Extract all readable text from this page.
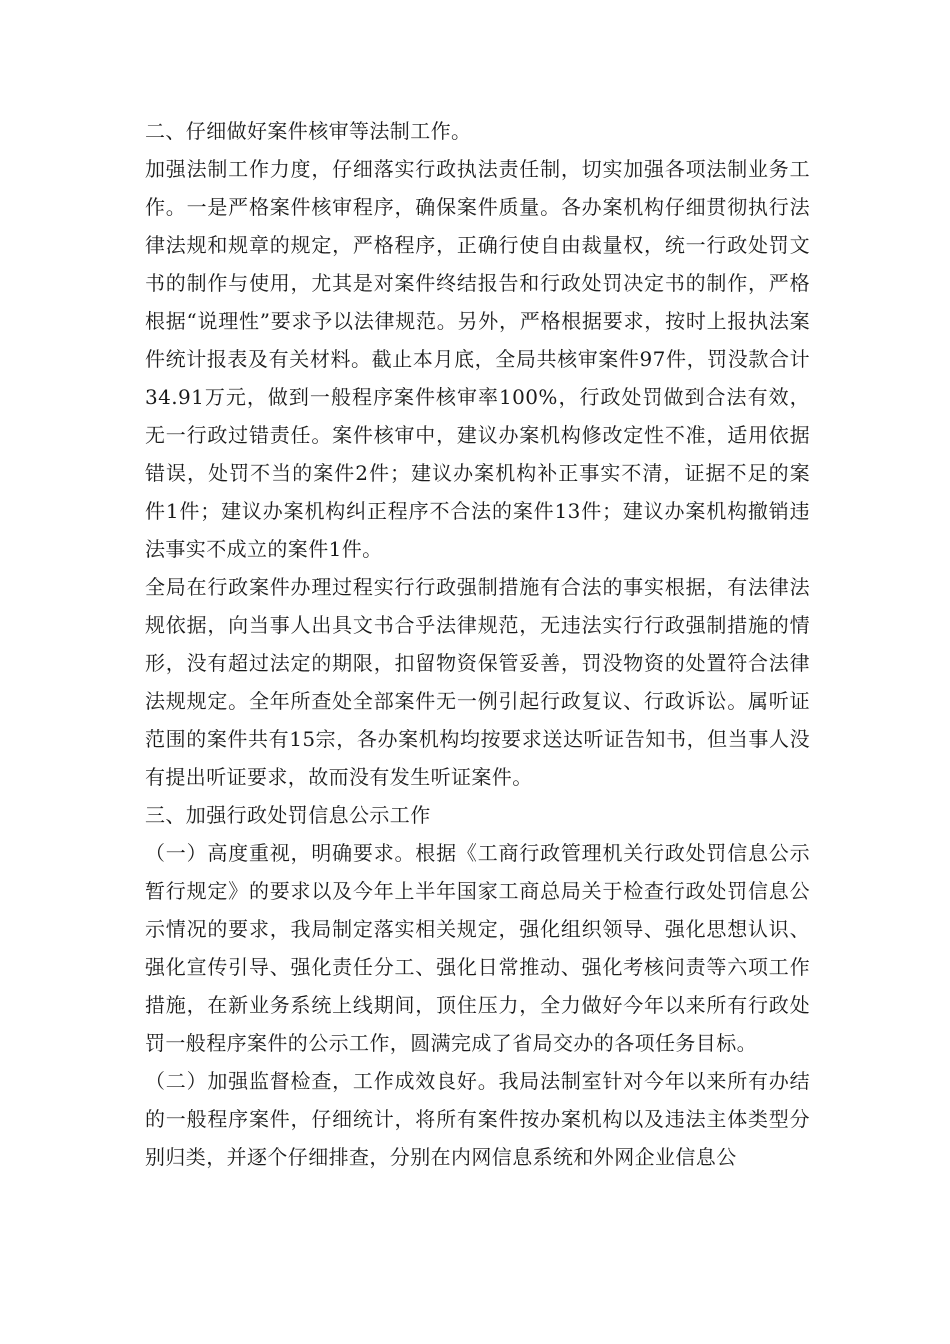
二、仔细做好案件核审等法制工作。

加强法制工作力度，仔细落实行政执法责任制，切实加强各项法制业务工作。一是严格案件核审程序，确保案件质量。各办案机构仔细贯彻执行法律法规和规章的规定，严格程序，正确行使自由裁量权，统一行政处罚文书的制作与使用，尤其是对案件终结报告和行政处罚决定书的制作，严格根据“说理性”要求予以法律规范。另外，严格根据要求，按时上报执法案件统计报表及有关材料。截止本月底，全局共核审案件97件，罚没款合计34.91万元，做到一般程序案件核审率100%，行政处罚做到合法有效，无一行政过错责任。案件核审中，建议办案机构修改定性不准，适用依据错误，处罚不当的案件2件；建议办案机构补正事实不清，证据不足的案件1件；建议办案机构纠正程序不合法的案件13件；建议办案机构撤销违法事实不成立的案件1件。

全局在行政案件办理过程实行行政强制措施有合法的事实根据，有法律法规依据，向当事人出具文书合乎法律规范，无违法实行行政强制措施的情形，没有超过法定的期限，扣留物资保管妥善，罚没物资的处置符合法律法规规定。全年所查处全部案件无一例引起行政复议、行政诉讼。属听证范围的案件共有15宗，各办案机构均按要求送达听证告知书，但当事人没有提出听证要求，故而没有发生听证案件。

三、加强行政处罚信息公示工作

（一）高度重视，明确要求。根据《工商行政管理机关行政处罚信息公示暂行规定》的要求以及今年上半年国家工商总局关于检查行政处罚信息公示情况的要求，我局制定落实相关规定，强化组织领导、强化思想认识、强化宣传引导、强化责任分工、强化日常推动、强化考核问责等六项工作措施，在新业务系统上线期间，顶住压力，全力做好今年以来所有行政处罚一般程序案件的公示工作，圆满完成了省局交办的各项任务目标。

（二）加强监督检查，工作成效良好。我局法制室针对今年以来所有办结的一般程序案件，仔细统计，将所有案件按办案机构以及违法主体类型分别归类，并逐个仔细排查，分别在内网信息系统和外网企业信息公
